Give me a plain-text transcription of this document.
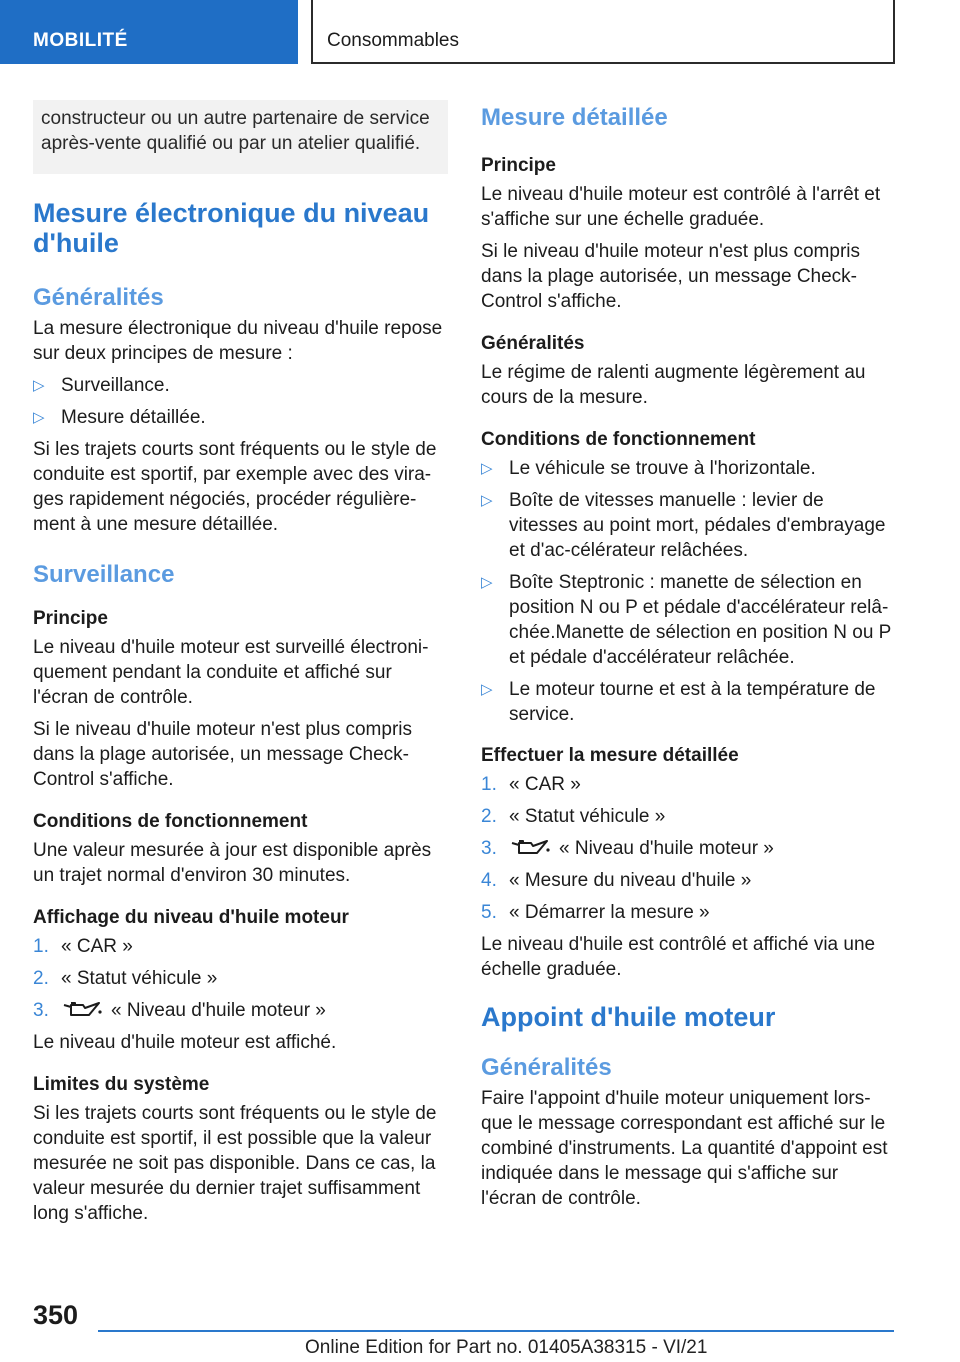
MOBILITÉ	Consommables
constructeur ou un autre partenaire de service après-vente qualifié ou par un atelier qualifié.
Mesure électronique du niveau d'huile
Généralités

La mesure électronique du niveau d'huile repose sur deux principes de mesure :

▷ Surveillance.
▷ Mesure détaillée.

Si les trajets courts sont fréquents ou le style de conduite est sportif, par exemple avec des vira-ges rapidement négociés, procéder régulière-ment à une mesure détaillée.

Surveillance
Principe

Le niveau d'huile moteur est surveillé électroni-quement pendant la conduite et affiché sur l'écran de contrôle.

Si le niveau d'huile moteur n'est plus compris dans la plage autorisée, un message Check-Control s'affiche.

Conditions de fonctionnement

Une valeur mesurée à jour est disponible après un trajet normal d'environ 30 minutes.

Affichage du niveau d'huile moteur
1. « CAR »
2. « Statut véhicule »
3.	« Niveau d'huile moteur »

Le niveau d'huile moteur est affiché.

Limites du système

Si les trajets courts sont fréquents ou le style de conduite est sportif, il est possible que la valeur mesurée ne soit pas disponible. Dans ce cas, la valeur mesurée du dernier trajet suffisamment long s'affiche.

Mesure détaillée
Principe

Le niveau d'huile moteur est contrôlé à l'arrêt et s'affiche sur une échelle graduée.

Si le niveau d'huile moteur n'est plus compris dans la plage autorisée, un message Check-Control s'affiche.

Généralités

Le régime de ralenti augmente légèrement au cours de la mesure.

Conditions de fonctionnement
▷ Le véhicule se trouve à l'horizontale.
▷ Boîte de vitesses manuelle : levier de vitesses au point mort, pédales d'embrayage et d'ac-célérateur relâchées.
▷ Boîte Steptronic : manette de sélection en position N ou P et pédale d'accélérateur relâ-chée.Manette de sélection en position N ou P et pédale d'accélérateur relâchée.
▷ Le moteur tourne et est à la température de service.
Effectuer la mesure détaillée
1. « CAR »
2. « Statut véhicule »
3.	« Niveau d'huile moteur »
4. « Mesure du niveau d'huile »
5. « Démarrer la mesure »

Le niveau d'huile est contrôlé et affiché via une échelle graduée.

Appoint d'huile moteur
Généralités

Faire l'appoint d'huile moteur uniquement lors-que le message correspondant est affiché sur le combiné d'instruments. La quantité d'appoint est indiquée dans le message qui s'affiche sur l'écran de contrôle.

350
Online Edition for Part no. 01405A38315 - VI/21
